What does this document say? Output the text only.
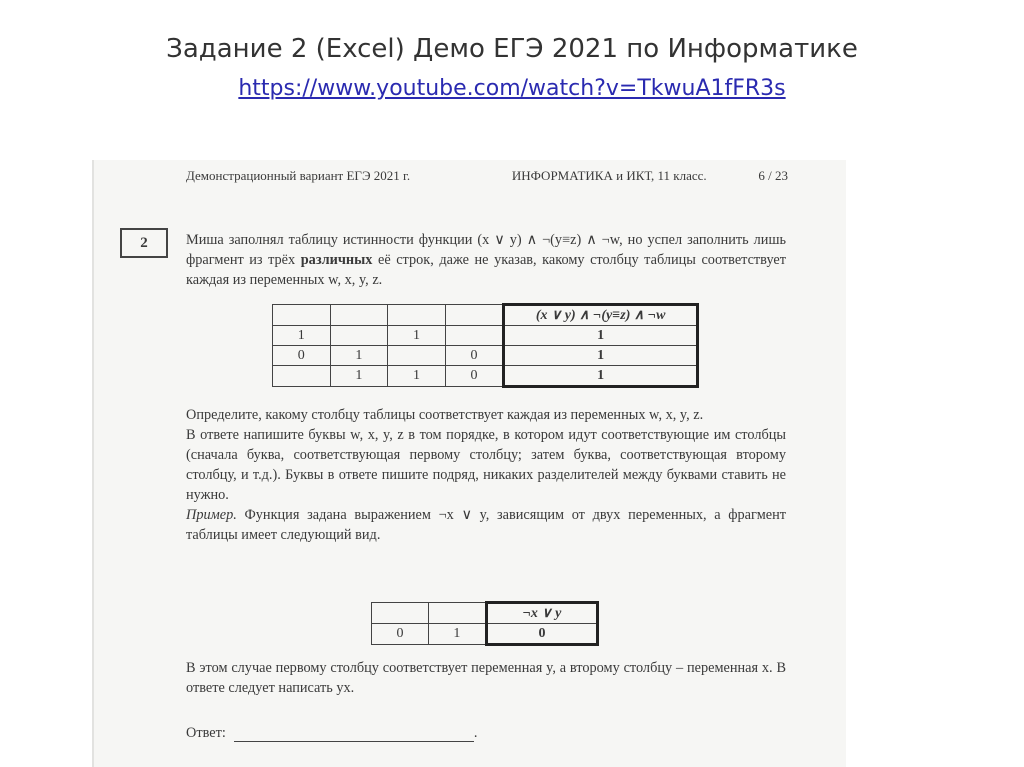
Задание 2 (Excel) Демо ЕГЭ 2021 по Информатике
https://www.youtube.com/watch?v=TkwuA1fFR3s
Демонстрационный вариант ЕГЭ 2021 г.	ИНФОРМАТИКА и ИКТ, 11 класс.	6 / 23
2	Миша заполнял таблицу истинности функции (x ∨ y) ∧ ¬(y≡z) ∧ ¬w, но успел заполнить лишь фрагмент из трёх различных её строк, даже не указав, какому столбцу таблицы соответствует каждая из переменных w, x, y, z.
				(x ∨ y) ∧ ¬(y≡z) ∧ ¬w
1		1		1
0	1		0	1
	1	1	0	1
Определите, какому столбцу таблицы соответствует каждая из переменных w, x, y, z.
В ответе напишите буквы w, x, y, z в том порядке, в котором идут соответствующие им столбцы (сначала буква, соответствующая первому столбцу; затем буква, соответствующая второму столбцу, и т.д.). Буквы в ответе пишите подряд, никаких разделителей между буквами ставить не нужно.
Пример. Функция задана выражением ¬x ∨ y, зависящим от двух переменных, а фрагмент таблицы имеет следующий вид.
		¬x ∨ y
0	1	0
В этом случае первому столбцу соответствует переменная y, а второму столбцу – переменная x. В ответе следует написать yx.
Ответ:	.
